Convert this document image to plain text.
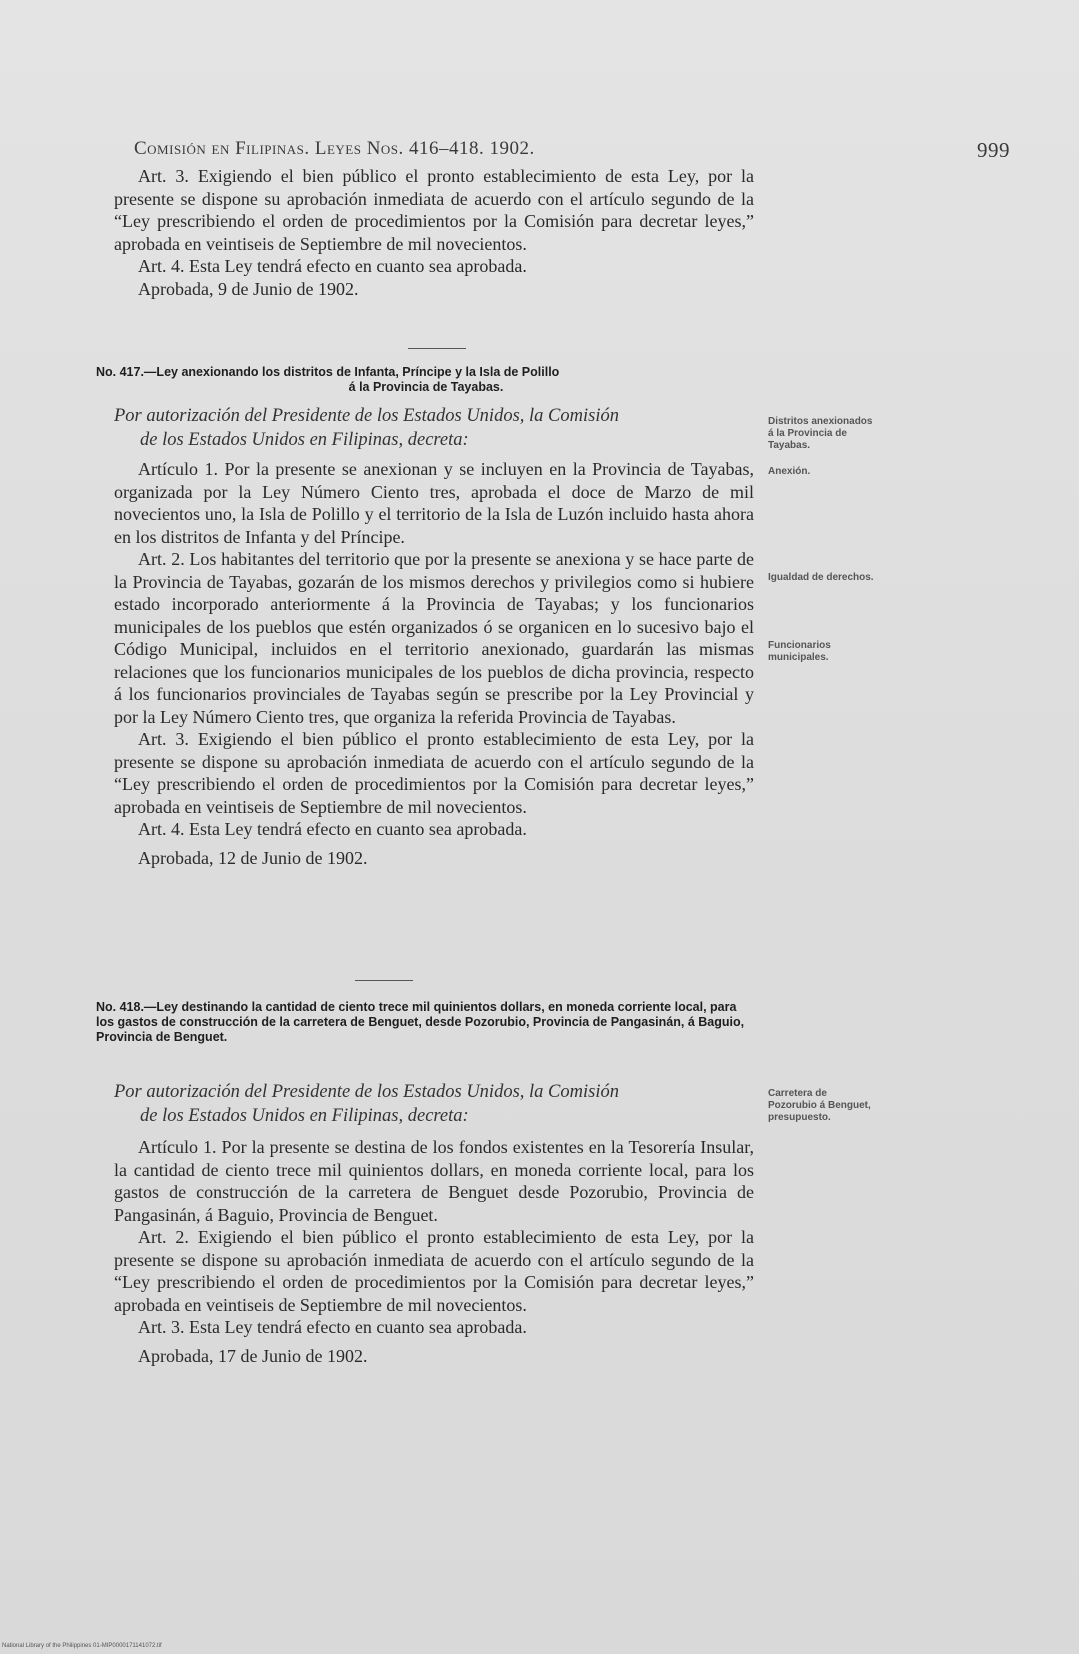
Comisión en Filipinas. Leyes Nos. 416–418. 1902.	999

Art. 3. Exigiendo el bien público el pronto establecimiento de esta Ley, por la presente se dispone su aprobación inmediata de acuerdo con el artículo segundo de la “Ley prescribiendo el orden de procedimientos por la Comisión para decretar leyes,” aprobada en veintiseis de Septiembre de mil novecientos.

Art. 4. Esta Ley tendrá efecto en cuanto sea aprobada.

Aprobada, 9 de Junio de 1902.

No. 417.—Ley anexionando los distritos de Infanta, Príncipe y la Isla de Polillo
á la Provincia de Tayabas.
Por autorización del Presidente de los Estados Unidos, la Comisión
de los Estados Unidos en Filipinas, decreta:

Artículo 1. Por la presente se anexionan y se incluyen en la Provincia de Tayabas, organizada por la Ley Número Ciento tres, aprobada el doce de Marzo de mil novecientos uno, la Isla de Polillo y el territorio de la Isla de Luzón incluido hasta ahora en los distritos de Infanta y del Príncipe.

Art. 2. Los habitantes del territorio que por la presente se anexiona y se hace parte de la Provincia de Tayabas, gozarán de los mismos derechos y privilegios como si hubiere estado incorporado anteriormente á la Provincia de Tayabas; y los funcionarios municipales de los pueblos que estén organizados ó se organicen en lo sucesivo bajo el Código Municipal, incluidos en el territorio anexionado, guardarán las mismas relaciones que los funcionarios municipales de los pueblos de dicha provincia, respecto á los funcionarios provinciales de Tayabas según se prescribe por la Ley Provincial y por la Ley Número Ciento tres, que organiza la referida Provincia de Tayabas.

Art. 3. Exigiendo el bien público el pronto establecimiento de esta Ley, por la presente se dispone su aprobación inmediata de acuerdo con el artículo segundo de la “Ley prescribiendo el orden de procedimientos por la Comisión para decretar leyes,” aprobada en veintiseis de Septiembre de mil novecientos.

Art. 4. Esta Ley tendrá efecto en cuanto sea aprobada.

Aprobada, 12 de Junio de 1902.

Distritos anexionados á la Provincia de Tayabas.
Anexión.
Igualdad de derechos.
Funcionarios municipales.
No. 418.—Ley destinando la cantidad de ciento trece mil quinientos dollars, en moneda corriente local, para los gastos de construcción de la carretera de Benguet, desde Pozorubio, Provincia de Pangasinán, á Baguio, Provincia de Benguet.
Por autorización del Presidente de los Estados Unidos, la Comisión
de los Estados Unidos en Filipinas, decreta:
Carretera de Pozorubio á Benguet, presupuesto.

Artículo 1. Por la presente se destina de los fondos existentes en la Tesorería Insular, la cantidad de ciento trece mil quinientos dollars, en moneda corriente local, para los gastos de construcción de la carretera de Benguet desde Pozorubio, Provincia de Pangasinán, á Baguio, Provincia de Benguet.

Art. 2. Exigiendo el bien público el pronto establecimiento de esta Ley, por la presente se dispone su aprobación inmediata de acuerdo con el artículo segundo de la “Ley prescribiendo el orden de procedimientos por la Comisión para decretar leyes,” aprobada en veintiseis de Septiembre de mil novecientos.

Art. 3. Esta Ley tendrá efecto en cuanto sea aprobada.

Aprobada, 17 de Junio de 1902.

National Library of the Philippines 01-MIP0000171141072.tif
